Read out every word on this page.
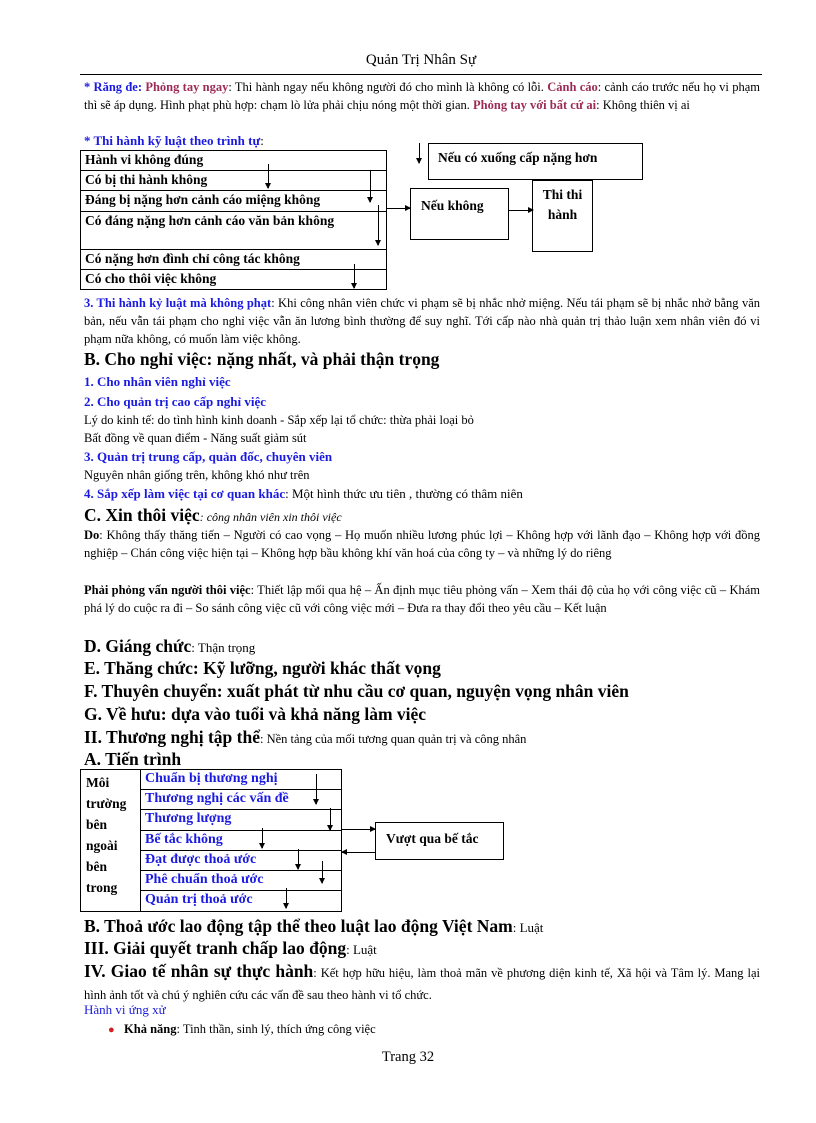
Quản Trị Nhân Sự

* Răng đe: Phỏng tay ngay: Thi hành ngay nếu không người đó cho mình là không có lỗi. Cảnh cáo: cảnh cáo trước nếu họ vi phạm thì sẽ áp dụng. Hình phạt phù hợp: chạm lò lửa phải chịu nóng một thời gian. Phỏng tay với bất cứ ai: Không thiên vị ai

* Thi hành kỹ luật theo trình tự:
Hành vi không đúng
Có bị thi hành không
Đáng bị nặng hơn cảnh cáo miệng không
Có đáng nặng hơn cảnh cáo văn bản không
Có nặng hơn đình chỉ công tác không
Có cho thôi việc không
Nếu có xuống cấp nặng hơn
Nếu không
Thi thi hành

3. Thi hành kỷ luật mà không phạt: Khi công nhân viên chức vi phạm sẽ bị nhắc nhở miệng. Nếu tái phạm sẽ bị nhắc nhở bằng văn bản, nếu vẫn tái phạm cho nghỉ việc vẫn ăn lương bình thường để suy nghĩ. Tới cấp nào nhà quản trị thảo luận xem nhân viên đó vi phạm nữa không, có muốn làm việc không.

B. Cho nghỉ việc: nặng nhất, và phải thận trọng
1. Cho nhân viên nghỉ việc
2. Cho quản trị cao cấp nghỉ việc
Lý do kinh tế: do tình hình kinh doanh - Sắp xếp lại tổ chức: thừa phải loại bỏ
Bất đồng về quan điểm - Năng suất giảm sút
3. Quản trị trung cấp, quản đốc, chuyên viên
Nguyên nhân giống trên, không khó như trên
4. Sắp xếp làm việc tại cơ quan khác: Một hình thức ưu tiên , thường có thâm niên
C. Xin thôi việc: công nhân viên xin thôi việc

Do: Không thấy thăng tiến – Người có cao vọng – Họ muốn nhiều lương phúc lợi – Không hợp với lãnh đạo – Không hợp với đồng nghiệp – Chán công việc hiện tại – Không hợp bầu không khí văn hoá của công ty – và những lý do riêng

Phải phỏng vấn người thôi việc: Thiết lập mối qua hệ – Ấn định mục tiêu phỏng vấn – Xem thái độ của họ với công việc cũ – Khám phá lý do cuộc ra đi – So sánh công việc cũ với công việc mới – Đưa ra thay đổi theo yêu cầu – Kết luận

D. Giáng chức: Thận trọng
E. Thăng chức: Kỹ lưỡng, người khác thất vọng
F. Thuyên chuyển: xuất phát từ nhu cầu cơ quan, nguyện vọng nhân viên
G. Về hưu: dựa vào tuổi và khả năng làm việc
II. Thương nghị tập thể: Nền tảng của mối tương quan quản trị và công nhân
A. Tiến trình
Môi trường bên ngoài bên trong
Chuẩn bị thương nghị
Thương nghị các vấn đề
Thương lượng
Bế tắc không
Đạt được thoả ước
Phê chuẩn thoả ước
Quản trị thoả ước
Vượt qua bế tắc
B. Thoả ước lao động tập thể theo luật lao động Việt Nam: Luật
III. Giải quyết tranh chấp lao động: Luật
IV. Giao tế nhân sự thực hành: Kết hợp hữu hiệu, làm thoả mãn về phương diện kinh tế, Xã hội và Tâm lý. Mang lại hình ảnh tốt và chú ý nghiên cứu các vấn đề sau theo hành vi tổ chức.
Hành vi ứng xử
● Khả năng: Tinh thần, sinh lý, thích ứng công việc
Trang 32
